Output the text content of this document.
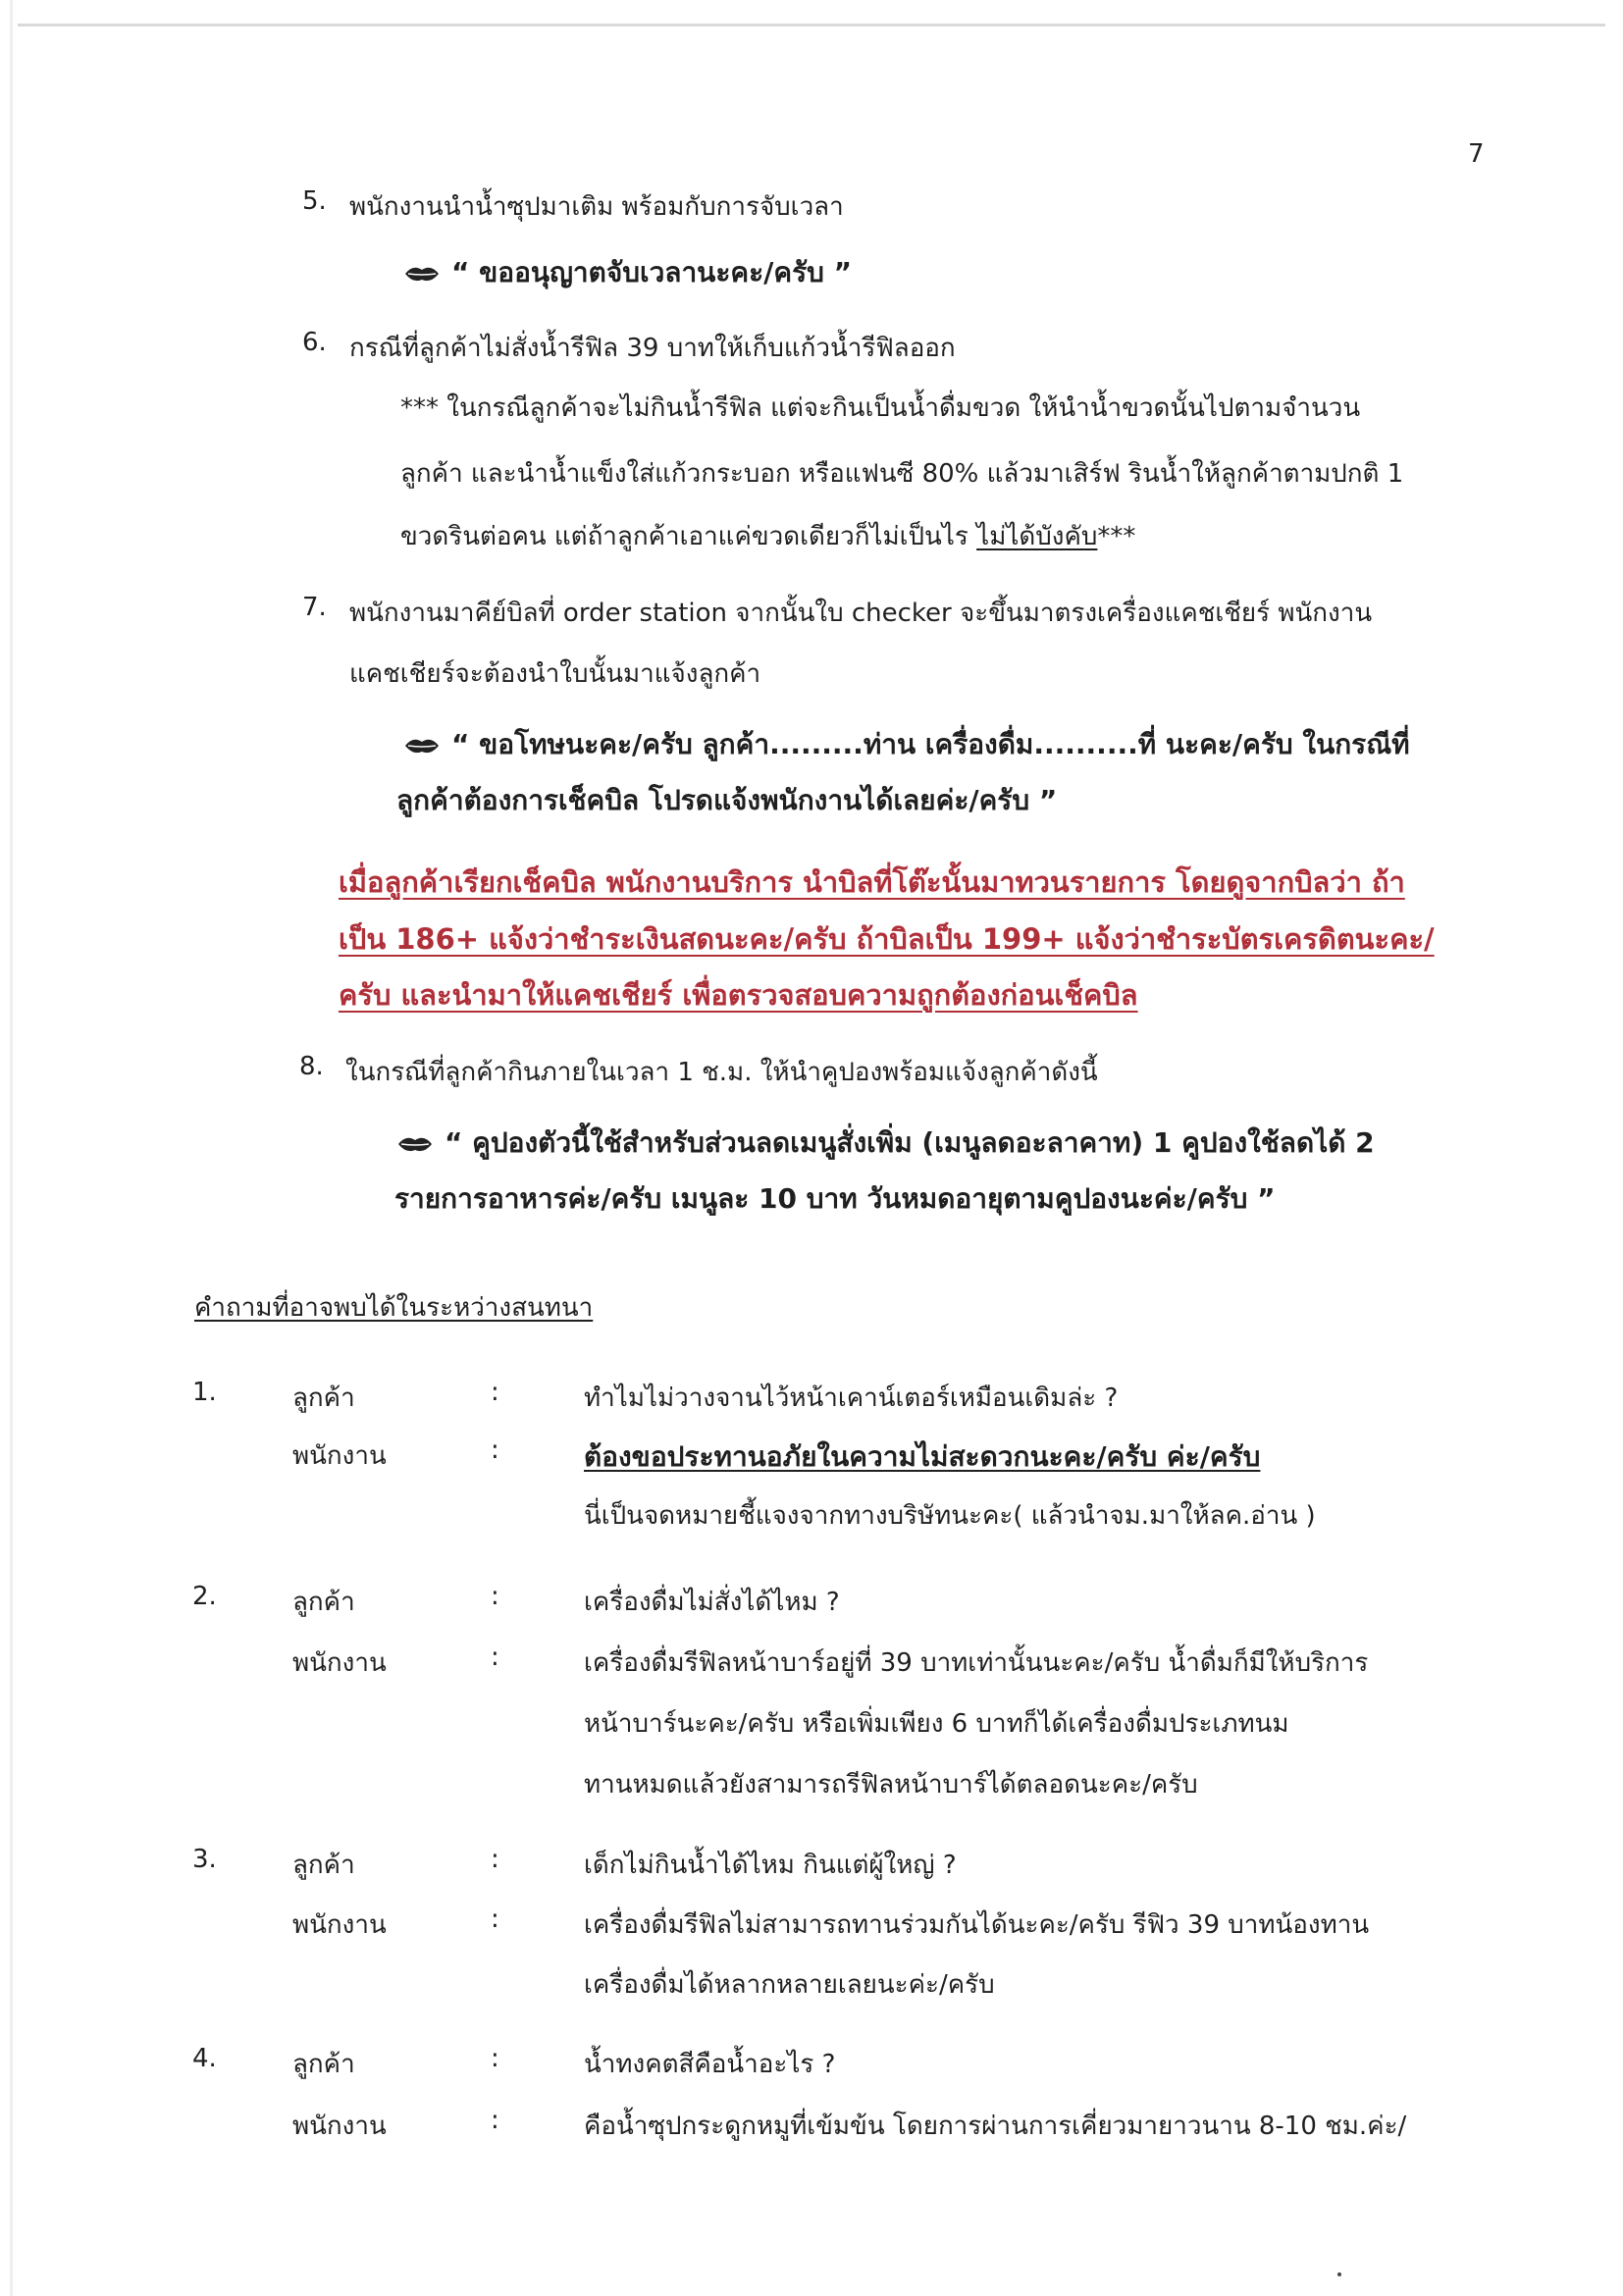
7
5. พนักงานนำน้ำซุปมาเติม พร้อมกับการจับเวลา
“ ขออนุญาตจับเวลานะคะ/ครับ ”
6. กรณีที่ลูกค้าไม่สั่งน้ำรีฟิล 39 บาทให้เก็บแก้วน้ำรีฟิลออก
*** ในกรณีลูกค้าจะไม่กินน้ำรีฟิล แต่จะกินเป็นน้ำดื่มขวด ให้นำน้ำขวดนั้นไปตามจำนวน
ลูกค้า และนำน้ำแข็งใส่แก้วกระบอก หรือแฟนซี 80% แล้วมาเสิร์ฟ รินน้ำให้ลูกค้าตามปกติ 1
ขวดรินต่อคน แต่ถ้าลูกค้าเอาแค่ขวดเดียวก็ไม่เป็นไร ไม่ได้บังคับ***
7. พนักงานมาคีย์บิลที่ order station จากนั้นใบ checker จะขึ้นมาตรงเครื่องแคชเชียร์ พนักงาน
แคชเชียร์จะต้องนำใบนั้นมาแจ้งลูกค้า
“ ขอโทษนะคะ/ครับ ลูกค้า.........ท่าน เครื่องดื่ม..........ที่ นะคะ/ครับ ในกรณีที่
ลูกค้าต้องการเช็คบิล โปรดแจ้งพนักงานได้เลยค่ะ/ครับ ”
เมื่อลูกค้าเรียกเช็คบิล พนักงานบริการ นำบิลที่โต๊ะนั้นมาทวนรายการ โดยดูจากบิลว่า ถ้า
เป็น 186+ แจ้งว่าชำระเงินสดนะคะ/ครับ ถ้าบิลเป็น 199+ แจ้งว่าชำระบัตรเครดิตนะคะ/
ครับ และนำมาให้แคชเชียร์ เพื่อตรวจสอบความถูกต้องก่อนเช็คบิล
8. ในกรณีที่ลูกค้ากินภายในเวลา 1 ช.ม. ให้นำคูปองพร้อมแจ้งลูกค้าดังนี้
“ คูปองตัวนี้ใช้สำหรับส่วนลดเมนูสั่งเพิ่ม (เมนูลดอะลาคาท) 1 คูปองใช้ลดได้ 2
รายการอาหารค่ะ/ครับ เมนูละ 10 บาท วันหมดอายุตามคูปองนะค่ะ/ครับ ”
คำถามที่อาจพบได้ในระหว่างสนทนา
1.	ลูกค้า	:	ทำไมไม่วางจานไว้หน้าเคาน์เตอร์เหมือนเดิมล่ะ ?
พนักงาน	:	ต้องขอประทานอภัยในความไม่สะดวกนะคะ/ครับ ค่ะ/ครับ
นี่เป็นจดหมายชี้แจงจากทางบริษัทนะคะ( แล้วนำจม.มาให้ลค.อ่าน )
2.	ลูกค้า	:	เครื่องดื่มไม่สั่งได้ไหม ?
พนักงาน	:	เครื่องดื่มรีฟิลหน้าบาร์อยู่ที่ 39 บาทเท่านั้นนะคะ/ครับ น้ำดื่มก็มีให้บริการ
หน้าบาร์นะคะ/ครับ หรือเพิ่มเพียง 6 บาทก็ได้เครื่องดื่มประเภทนม
ทานหมดแล้วยังสามารถรีฟิลหน้าบาร์ได้ตลอดนะคะ/ครับ
3.	ลูกค้า	:	เด็กไม่กินน้ำได้ไหม กินแต่ผู้ใหญ่ ?
พนักงาน	:	เครื่องดื่มรีฟิลไม่สามารถทานร่วมกันได้นะคะ/ครับ รีฟิว 39 บาทน้องทาน
เครื่องดื่มได้หลากหลายเลยนะค่ะ/ครับ
4.	ลูกค้า	:	น้ำทงคตสีคือน้ำอะไร ?
พนักงาน	:	คือน้ำซุปกระดูกหมูที่เข้มข้น โดยการผ่านการเคี่ยวมายาวนาน 8-10 ชม.ค่ะ/
